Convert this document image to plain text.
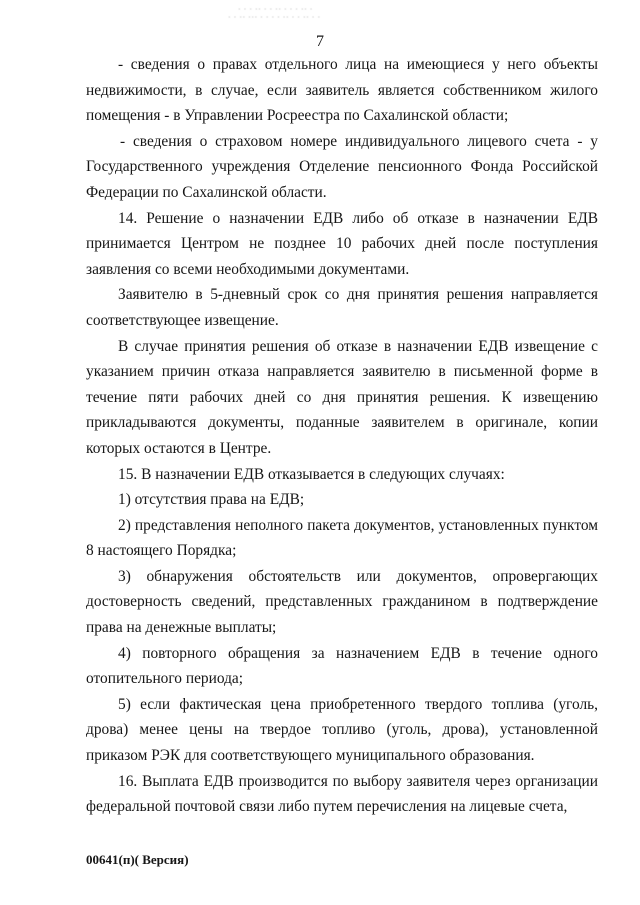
· · · ·· · · ·· · · · ·· ·
· · ·· ··· · · · · ·· · · ·· · ·
7

- сведения о правах отдельного лица на имеющиеся у него объекты недвижимости, в случае, если заявитель является собственником жилого помещения - в Управлении Росреестра по Сахалинской области;

- сведения о страховом номере индивидуального лицевого счета - у Государственного учреждения Отделение пенсионного Фонда Российской Федерации по Сахалинской области.

14. Решение о назначении ЕДВ либо об отказе в назначении ЕДВ принимается Центром не позднее 10 рабочих дней после поступления заявления со всеми необходимыми документами.

Заявителю в 5-дневный срок со дня принятия решения направляется соответствующее извещение.

В случае принятия решения об отказе в назначении ЕДВ извещение с указанием причин отказа направляется заявителю в письменной форме в течение пяти рабочих дней со дня принятия решения. К извещению прикладываются документы, поданные заявителем в оригинале, копии которых остаются в Центре.

15. В назначении ЕДВ отказывается в следующих случаях:

1) отсутствия права на ЕДВ;

2) представления неполного пакета документов, установленных пунктом 8 настоящего Порядка;

3) обнаружения обстоятельств или документов, опровергающих достоверность сведений, представленных гражданином в подтверждение права на денежные выплаты;

4) повторного обращения за назначением ЕДВ в течение одного отопительного периода;

5) если фактическая цена приобретенного твердого топлива (уголь, дрова) менее цены на твердое топливо (уголь, дрова), установленной приказом РЭК для соответствующего муниципального образования.

16. Выплата ЕДВ производится по выбору заявителя через организации федеральной почтовой связи либо путем перечисления на лицевые счета,

00641(п)( Версия)
